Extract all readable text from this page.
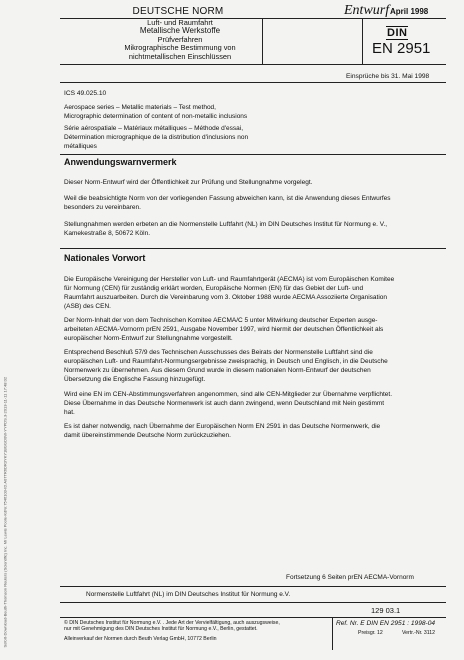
Sofort-Download-Beuth-Thomson Reuters (Scientific) Inc. Mr Lewis Poole-KdNr.7546103-ID.A07TR6DR3YKY1BGGD0W-YYPDS.3-2013-11-11 17:48:02
DEUTSCHE NORM	Entwurf April 1998
Luft- und Raumfahrt
Metallische Werkstoffe
Prüfverfahren
Mikrographische Bestimmung von
nichtmetallischen Einschlüssen
DIN
EN 2951
Einsprüche bis 31. Mai 1998
ICS 49.025.10
Aerospace series – Metallic materials – Test method,
Micrographic determination of content of non-metallic inclusions
Série aérospatiale – Matériaux métalliques – Méthode d'essai,
Détermination micrographique de la distribution d'inclusions non
métalliques
Anwendungswarnvermerk
Dieser Norm-Entwurf wird der Öffentlichkeit zur Prüfung und Stellungnahme vorgelegt.
Weil die beabsichtigte Norm von der vorliegenden Fassung abweichen kann, ist die Anwendung dieses Entwurfes
besonders zu vereinbaren.
Stellungnahmen werden erbeten an die Normenstelle Luftfahrt (NL) im DIN Deutsches Institut für Normung e. V.,
Kamekestraße 8, 50672 Köln.
Nationales Vorwort
Die Europäische Vereinigung der Hersteller von Luft- und Raumfahrtgerät (AECMA) ist vom Europäischen Komitee
für Normung (CEN) für zuständig erklärt worden, Europäische Normen (EN) für das Gebiet der Luft- und
Raumfahrt auszuarbeiten. Durch die Vereinbarung vom 3. Oktober 1988 wurde AECMA Assoziierte Organisation
(ASB) des CEN.
Der Norm-Inhalt der von dem Technischen Komitee AECMA/C 5 unter Mitwirkung deutscher Experten ausge-
arbeiteten AECMA-Vornorm prEN 2591, Ausgabe November 1997, wird hiermit der deutschen Öffentlichkeit als
europäischer Norm-Entwurf zur Stellungnahme vorgestellt.
Entsprechend Beschluß 57/9 des Technischen Ausschusses des Beirats der Normenstelle Luftfahrt sind die
europäischen Luft- und Raumfahrt-Normungsergebnisse zweisprachig, in Deutsch und Englisch, in die Deutsche
Normenwerk zu übernehmen. Aus diesem Grund wurde in diesem nationalen Norm-Entwurf der deutschen
Übersetzung die Englische Fassung hinzugefügt.
Wird eine EN im CEN-Abstimmungsverfahren angenommen, sind alle CEN-Mitglieder zur Übernahme verpflichtet.
Diese Übernahme in das Deutsche Normenwerk ist auch dann zwingend, wenn Deutschland mit Nein gestimmt
hat.
Es ist daher notwendig, nach Übernahme der Europäischen Norm EN 2591 in das Deutsche Normenwerk, die
damit übereinstimmende Deutsche Norm zurückzuziehen.
Fortsetzung 6 Seiten prEN AECMA-Vornorm
Normenstelle Luftfahrt (NL) im DIN Deutsches Institut für Normung e.V.
129 03.1
© DIN Deutsches Institut für Normung e.V. . Jede Art der Vervielfältigung, auch auszugsweise,
nur mit Genehmigung des DIN Deutsches Institut für Normung e.V., Berlin, gestattet.
Alleinverkauf der Normen durch Beuth Verlag GmbH, 10772 Berlin
Ref. Nr. E DIN EN 2951 : 1998-04
Preisgr. 12	Vertr.-Nr. 3112
